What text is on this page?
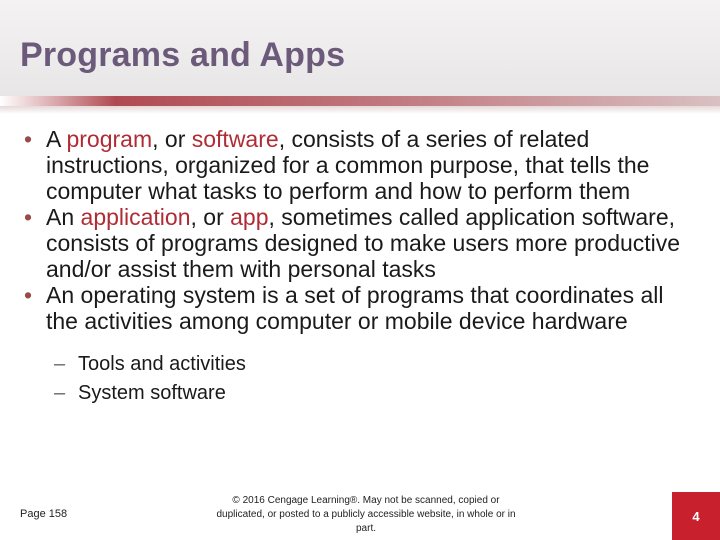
Programs and Apps

• A program, or software, consists of a series of related instructions, organized for a common purpose, that tells the computer what tasks to perform and how to perform them

• An application, or app, sometimes called application software, consists of programs designed to make users more productive and/or assist them with personal tasks

• An operating system is a set of programs that coordinates all the activities among computer or mobile device hardware

– Tools and activities
– System software
Page 158
© 2016 Cengage Learning®. May not be scanned, copied or duplicated, or posted to a publicly accessible website, in whole or in part.
4
